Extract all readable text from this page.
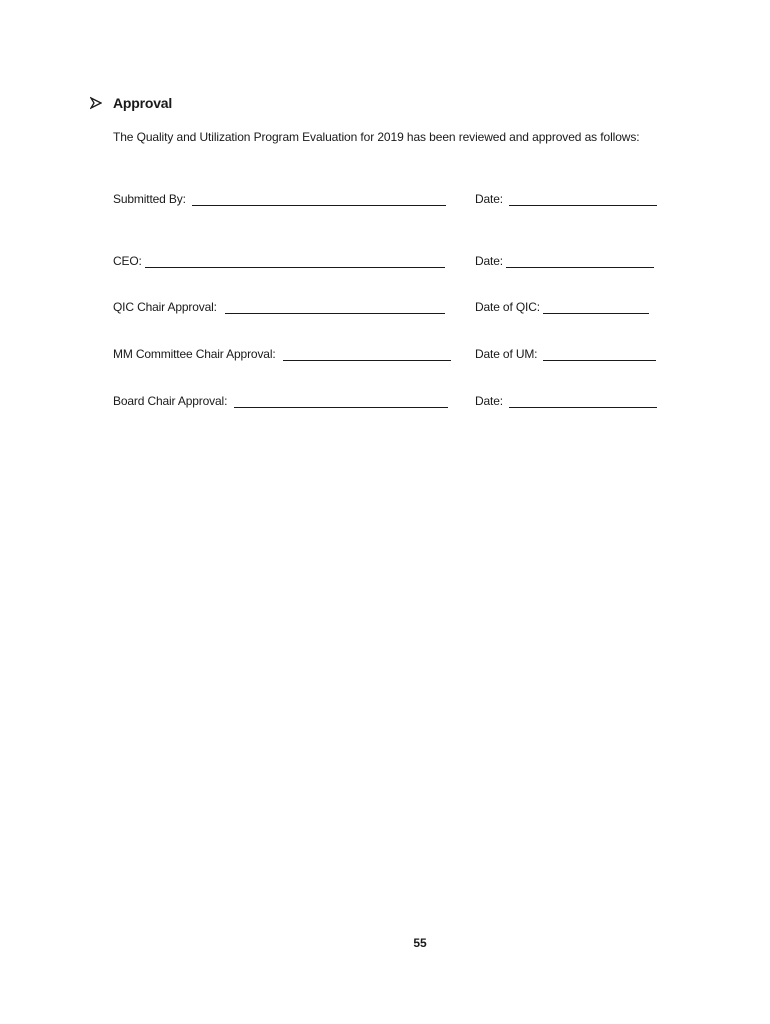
Approval
The Quality and Utilization Program Evaluation for 2019 has been reviewed and approved as follows:
Submitted By:	Date:
CEO:	Date:
QIC Chair Approval:	Date of QIC:
MM Committee Chair Approval:	Date of UM:
Board Chair Approval:	Date:
55
